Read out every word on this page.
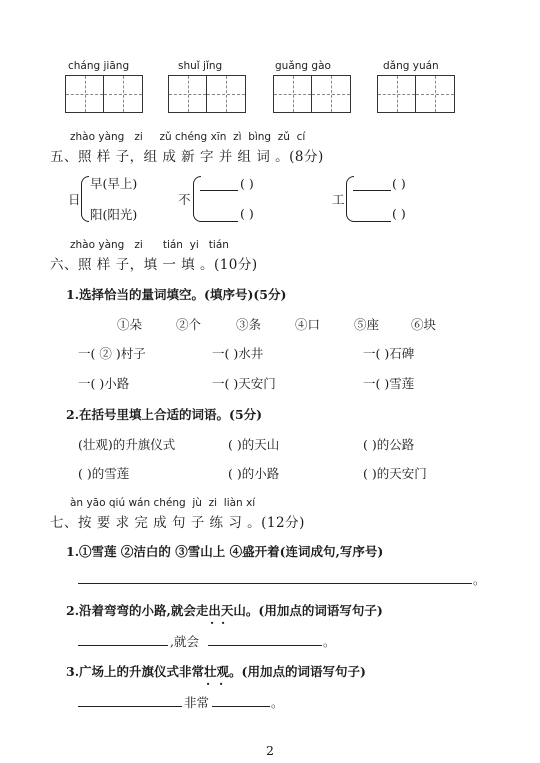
cháng jiāng	shuǐ jǐng	guǎng gào	dǎng yuán
zhào yàng zi zǔ chéng xīn zì bìng zǔ cí
五、照 样 子，组 成 新 字 并 组 词 。(8分)
日
早(早上)
阳(阳光)
不
( )
( )
工
( )
( )
zhào yàng zi tián yi tián
六、照 样 子，填 一 填 。(10分)
1.选择恰当的量词填空。(填序号)(5分)
①朵	②个	③条	④口	⑤座	⑥块
一( ② )村子	一( )水井	一( )石碑
一( )小路	一( )天安门	一( )雪莲
2.在括号里填上合适的词语。(5分)
(壮观)的升旗仪式	( )的天山	( )的公路
( )的雪莲	( )的小路	( )的天安门
àn yāo qiú wán chéng jù zi liàn xí
七、按 要 求 完 成 句 子 练 习 。(12分)
1.①雪莲 ②洁白的 ③雪山上 ④盛开着(连词成句,写序号)
。
2.沿着弯弯的小路,就会走出天山。(用加点的词语写句子)
· ·
,就会	。
3.广场上的升旗仪式非常壮观。(用加点的词语写句子)
· ·
非常	。
2
